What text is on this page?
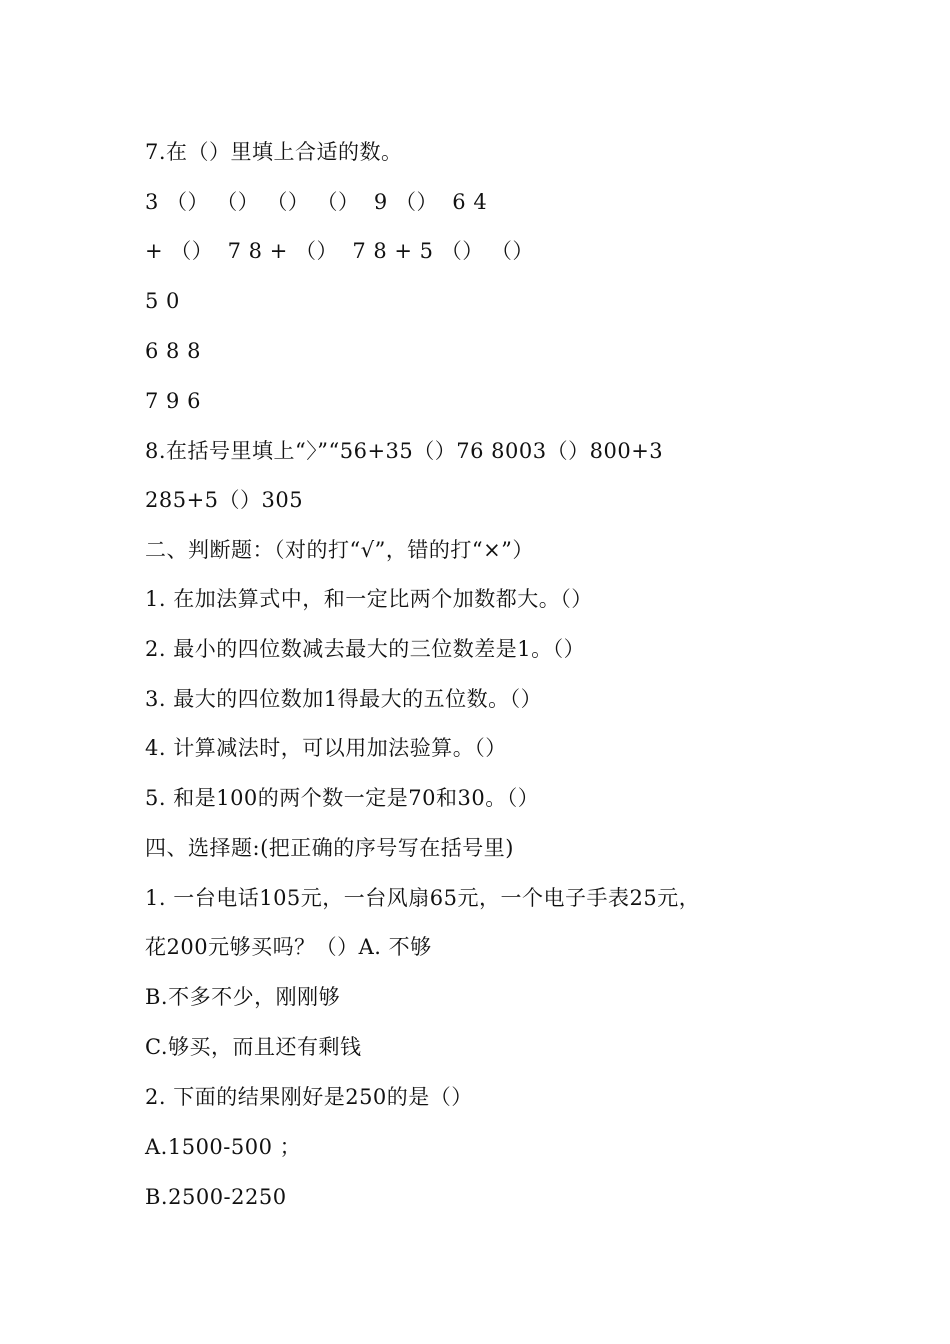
7.在（）里填上合适的数。
3 （） （） （） （）  9 （）  6 4
+ （）  7 8 + （）  7 8 + 5 （） （）
5 0
6 8 8
7 9 6
8.在括号里填上“〉”“56+35（）76 8003（）800+3
285+5（）305
二、判断题：（对的打“√”，错的打“×”）
1. 在加法算式中，和一定比两个加数都大。（）
2. 最小的四位数减去最大的三位数差是1。（）
3. 最大的四位数加1得最大的五位数。（）
4. 计算减法时，可以用加法验算。（）
5. 和是100的两个数一定是70和30。（）
四、选择题:(把正确的序号写在括号里)
1. 一台电话105元，一台风扇65元，一个电子手表25元，
花200元够买吗？（）A. 不够
B.不多不少，刚刚够
C.够买，而且还有剩钱
2. 下面的结果刚好是250的是（）
A.1500-500 ；
B.2500-2250
